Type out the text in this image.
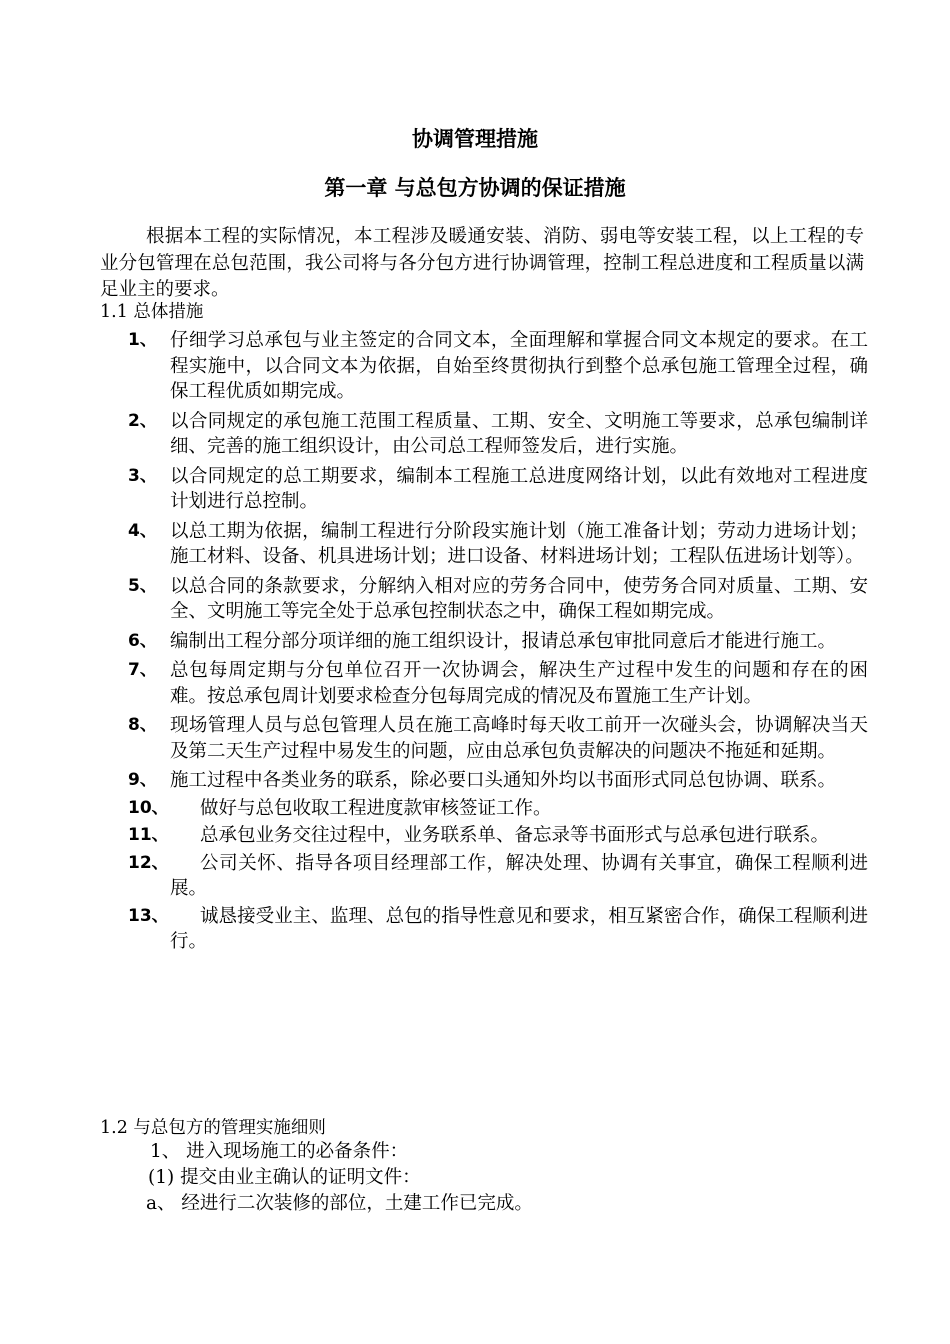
协调管理措施
第一章 与总包方协调的保证措施
根据本工程的实际情况，本工程涉及暖通安装、消防、弱电等安装工程，以上工程的专业分包管理在总包范围，我公司将与各分包方进行协调管理，控制工程总进度和工程质量以满足业主的要求。
1.1 总体措施
1、 仔细学习总承包与业主签定的合同文本，全面理解和掌握合同文本规定的要求。在工程实施中，以合同文本为依据，自始至终贯彻执行到整个总承包施工管理全过程，确保工程优质如期完成。
2、 以合同规定的承包施工范围工程质量、工期、安全、文明施工等要求，总承包编制详细、完善的施工组织设计，由公司总工程师签发后，进行实施。
3、 以合同规定的总工期要求，编制本工程施工总进度网络计划，以此有效地对工程进度计划进行总控制。
4、 以总工期为依据，编制工程进行分阶段实施计划（施工准备计划；劳动力进场计划；施工材料、设备、机具进场计划；进口设备、材料进场计划；工程队伍进场计划等）。
5、 以总合同的条款要求，分解纳入相对应的劳务合同中，使劳务合同对质量、工期、安全、文明施工等完全处于总承包控制状态之中，确保工程如期完成。
6、 编制出工程分部分项详细的施工组织设计，报请总承包审批同意后才能进行施工。
7、 总包每周定期与分包单位召开一次协调会，解决生产过程中发生的问题和存在的困难。按总承包周计划要求检查分包每周完成的情况及布置施工生产计划。
8、 现场管理人员与总包管理人员在施工高峰时每天收工前开一次碰头会，协调解决当天及第二天生产过程中易发生的问题，应由总承包负责解决的问题决不拖延和延期。
9、 施工过程中各类业务的联系，除必要口头通知外均以书面形式同总包协调、联系。
10、 做好与总包收取工程进度款审核签证工作。
11、 总承包业务交往过程中，业务联系单、备忘录等书面形式与总承包进行联系。
12、 公司关怀、指导各项目经理部工作，解决处理、协调有关事宜，确保工程顺利进展。
13、 诚恳接受业主、监理、总包的指导性意见和要求，相互紧密合作，确保工程顺利进行。
1.2 与总包方的管理实施细则
1、 进入现场施工的必备条件：
(1) 提交由业主确认的证明文件：
a、 经进行二次装修的部位，土建工作已完成。
